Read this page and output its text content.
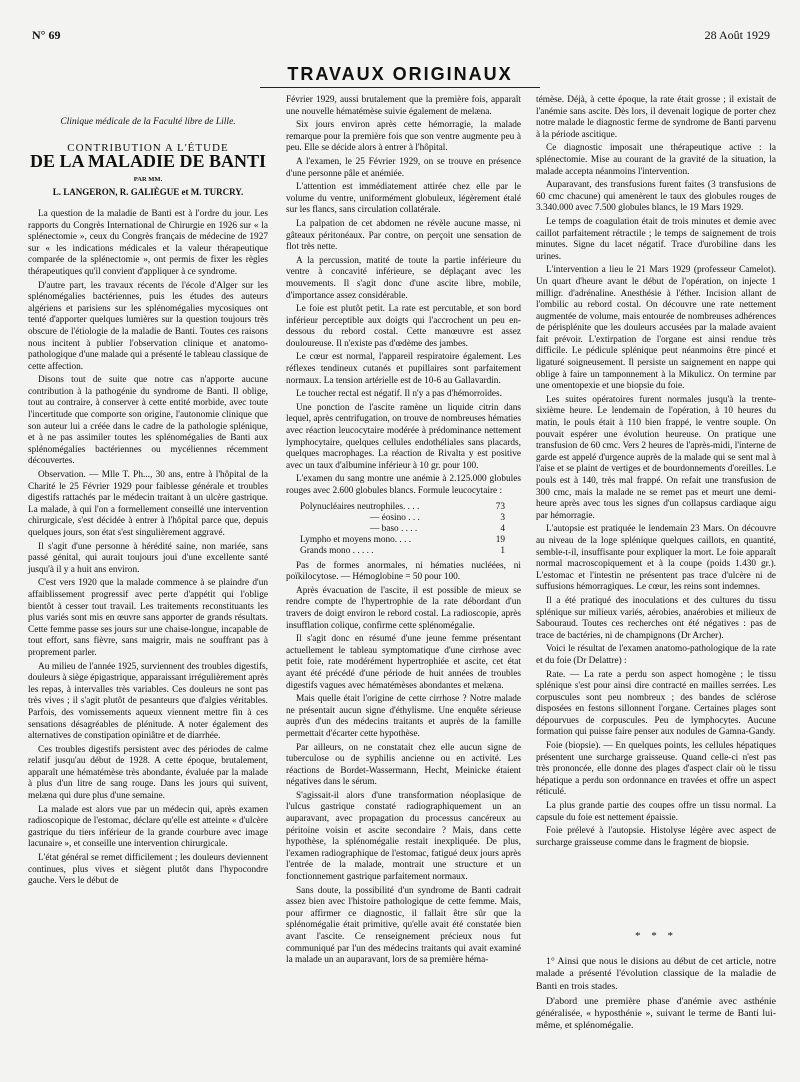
N° 69	28 Août 1929
TRAVAUX ORIGINAUX
Clinique médicale de la Faculté libre de Lille.
CONTRIBUTION A L'ÉTUDE
DE LA MALADIE DE BANTI
PAR MM.
L. LANGERON, R. GALIÈGUE et M. TURCRY.

La question de la maladie de Banti est à l'ordre du jour. Les rapports du Congrès International de Chirurgie en 1926 sur « la splénectomie », ceux du Congrès français de médecine de 1927 sur « les indications médicales et la valeur thérapeutique comparée de la splénectomie », ont permis de fixer les règles thérapeutiques qu'il convient d'appliquer à ce syndrome.

D'autre part, les travaux récents de l'école d'Alger sur les splénomégalies bactériennes, puis les études des auteurs algériens et parisiens sur les splénomégalies mycosiques ont tenté d'apporter quelques lumières sur la question toujours très obscure de l'étiologie de la maladie de Banti. Toutes ces raisons nous incitent à publier l'observation clinique et anatomo-pathologique d'une malade qui a présenté le tableau classique de cette affection.

Disons tout de suite que notre cas n'apporte aucune contribution à la pathogénie du syndrome de Banti. Il oblige, tout au contraire, à conserver à cette entité morbide, avec toute l'incertitude que comporte son origine, l'autonomie clinique que son auteur lui a créée dans le cadre de la pathologie splénique, et à ne pas assimiler toutes les splénomégalies de Banti aux splénomégalies bactériennes ou mycéliennes récemment découvertes.

Observation. — Mlle T. Ph..., 30 ans, entre à l'hôpital de la Charité le 25 Février 1929 pour faiblesse générale et troubles digestifs rattachés par le médecin traitant à un ulcère gastrique. La malade, à qui l'on a formellement conseillé une intervention chirurgicale, s'est décidée à entrer à l'hôpital parce que, depuis quelques jours, son état s'est singulièrement aggravé.

Il s'agit d'une personne à hérédité saine, non mariée, sans passé génital, qui aurait toujours joui d'une excellente santé jusqu'à il y a huit ans environ.

C'est vers 1920 que la malade commence à se plaindre d'un affaiblissement progressif avec perte d'appétit qui l'oblige bientôt à cesser tout travail. Les traitements reconstituants les plus variés sont mis en œuvre sans apporter de grands résultats. Cette femme passe ses jours sur une chaise-longue, incapable de tout effort, sans fièvre, sans maigrir, mais ne souffrant pas à proprement parler.

Au milieu de l'année 1925, surviennent des troubles digestifs, douleurs à siège épigastrique, apparaissant irrégulièrement après les repas, à intervalles très variables. Ces douleurs ne sont pas très vives ; il s'agit plutôt de pesanteurs que d'algies véritables. Parfois, des vomissements aqueux viennent mettre fin à ces sensations désagréables de plénitude. A noter également des alternatives de constipation opiniâtre et de diarrhée.

Ces troubles digestifs persistent avec des périodes de calme relatif jusqu'au début de 1928. A cette époque, brutalement, apparaît une hématémèse très abondante, évaluée par la malade à plus d'un litre de sang rouge. Dans les jours qui suivent, melæna qui dure plus d'une semaine.

La malade est alors vue par un médecin qui, après examen radioscopique de l'estomac, déclare qu'elle est atteinte « d'ulcère gastrique du tiers inférieur de la grande courbure avec image lacunaire », et conseille une intervention chirurgicale.

L'état général se remet difficilement ; les douleurs deviennent continues, plus vives et siègent plutôt dans l'hypocondre gauche. Vers le début de

Février 1929, aussi brutalement que la première fois, apparaît une nouvelle hématémèse suivie également de melæna.

Six jours environ après cette hémorragie, la malade remarque pour la première fois que son ventre augmente peu à peu. Elle se décide alors à entrer à l'hôpital.

A l'examen, le 25 Février 1929, on se trouve en présence d'une personne pâle et anémiée.

L'attention est immédiatement attirée chez elle par le volume du ventre, uniformément globuleux, légèrement étalé sur les flancs, sans circulation collatérale.

La palpation de cet abdomen ne révèle aucune masse, ni gâteaux péritonéaux. Par contre, on perçoit une sensation de flot très nette.

A la percussion, matité de toute la partie inférieure du ventre à concavité inférieure, se déplaçant avec les mouvements. Il s'agit donc d'une ascite libre, mobile, d'importance assez considérable.

Le foie est plutôt petit. La rate est percutable, et son bord inférieur perceptible aux doigts qui l'accrochent un peu en-dessous du rebord costal. Cette manœuvre est assez douloureuse. Il n'existe pas d'œdème des jambes.

Le cœur est normal, l'appareil respiratoire également. Les réflexes tendineux cutanés et pupillaires sont parfaitement normaux. La tension artérielle est de 10-6 au Gallavardin.

Le toucher rectal est négatif. Il n'y a pas d'hémorroïdes.

Une ponction de l'ascite ramène un liquide citrin dans lequel, après centrifugation, on trouve de nombreuses hématies avec réaction leucocytaire modérée à prédominance nettement lymphocytaire, quelques cellules endothéliales sans placards, quelques macrophages. La réaction de Rivalta y est positive avec un taux d'albumine inférieur à 10 gr. pour 100.

L'examen du sang montre une anémie à 2.125.000 globules rouges avec 2.600 globules blancs. Formule leucocytaire :

Polynucléaires neutrophiles. . . .	73
— éosino . . .	3
— baso . . . .	4
Lympho et moyens mono. . . .	19
Grands mono . . . . .	1

Pas de formes anormales, ni hématies nucléées, ni poïkilocytose. — Hémoglobine = 50 pour 100.

Après évacuation de l'ascite, il est possible de mieux se rendre compte de l'hypertrophie de la rate débordant d'un travers de doigt environ le rebord costal. La radioscopie, après insufflation colique, confirme cette splénomégalie.

Il s'agit donc en résumé d'une jeune femme présentant actuellement le tableau symptomatique d'une cirrhose avec petit foie, rate modérément hypertrophiée et ascite, cet état ayant été précédé d'une période de huit années de troubles digestifs vagues avec hématémèses abondantes et melæna.

Mais quelle était l'origine de cette cirrhose ? Notre malade ne présentait aucun signe d'éthylisme. Une enquête sérieuse auprès d'un des médecins traitants et auprès de la famille permettait d'écarter cette hypothèse.

Par ailleurs, on ne constatait chez elle aucun signe de tuberculose ou de syphilis ancienne ou en activité. Les réactions de Bordet-Wassermann, Hecht, Meinicke étaient négatives dans le sérum.

S'agissait-il alors d'une transformation néoplasique de l'ulcus gastrique constaté radiographiquement un an auparavant, avec propagation du processus cancéreux au péritoine voisin et ascite secondaire ? Mais, dans cette hypothèse, la splénomégalie restait inexpliquée. De plus, l'examen radiographique de l'estomac, fatigué deux jours après l'entrée de la malade, montrait une structure et un fonctionnement gastrique parfaitement normaux.

Sans doute, la possibilité d'un syndrome de Banti cadrait assez bien avec l'histoire pathologique de cette femme. Mais, pour affirmer ce diagnostic, il fallait être sûr que la splénomégalie était primitive, qu'elle avait été constatée bien avant l'ascite. Ce renseignement précieux nous fut communiqué par l'un des médecins traitants qui avait examiné la malade un an auparavant, lors de sa première héma-

témèse. Déjà, à cette époque, la rate était grosse ; il existait de l'anémie sans ascite. Dès lors, il devenait logique de porter chez notre malade le diagnostic ferme de syndrome de Banti parvenu à la période ascitique.

Ce diagnostic imposait une thérapeutique active : la splénectomie. Mise au courant de la gravité de la situation, la malade accepta néanmoins l'intervention.

Auparavant, des transfusions furent faites (3 transfusions de 60 cmc chacune) qui amenèrent le taux des globules rouges de 3.340.000 avec 7.500 globules blancs, le 19 Mars 1929.

Le temps de coagulation était de trois minutes et demie avec caillot parfaitement rétractile ; le temps de saignement de trois minutes. Signe du lacet négatif. Trace d'urobiline dans les urines.

L'intervention a lieu le 21 Mars 1929 (professeur Camelot). Un quart d'heure avant le début de l'opération, on injecte 1 milligr. d'adrénaline. Anesthésie à l'éther. Incision allant de l'ombilic au rebord costal. On découvre une rate nettement augmentée de volume, mais entourée de nombreuses adhérences de périsplénite que les douleurs accusées par la malade avaient fait prévoir. L'extirpation de l'organe est ainsi rendue très difficile. Le pédicule splénique peut néanmoins être pincé et ligaturé soigneusement. Il persiste un saignement en nappe qui oblige à faire un tamponnement à la Mikulicz. On termine par une omentopexie et une biopsie du foie.

Les suites opératoires furent normales jusqu'à la trente-sixième heure. Le lendemain de l'opération, à 10 heures du matin, le pouls était à 110 bien frappé, le ventre souple. On pouvait espérer une évolution heureuse. On pratique une transfusion de 60 cmc. Vers 2 heures de l'après-midi, l'interne de garde est appelé d'urgence auprès de la malade qui se sent mal à l'aise et se plaint de vertiges et de bourdonnements d'oreilles. Le pouls est à 140, très mal frappé. On refait une transfusion de 300 cmc, mais la malade ne se remet pas et meurt une demi-heure après avec tous les signes d'un collapsus cardiaque aigu par hémorragie.

L'autopsie est pratiquée le lendemain 23 Mars. On découvre au niveau de la loge splénique quelques caillots, en quantité, semble-t-il, insuffisante pour expliquer la mort. Le foie apparaît normal macroscopiquement et à la coupe (poids 1.430 gr.). L'estomac et l'intestin ne présentent pas trace d'ulcère ni de suffusions hémorragiques. Le cœur, les reins sont indemnes.

Il a été pratiqué des inoculations et des cultures du tissu splénique sur milieux variés, aérobies, anaérobies et milieux de Sabouraud. Toutes ces recherches ont été négatives : pas de trace de bactéries, ni de champignons (Dr Archer).

Voici le résultat de l'examen anatomo-pathologique de la rate et du foie (Dr Delattre) :

Rate. — La rate a perdu son aspect homogène ; le tissu splénique s'est pour ainsi dire contracté en mailles serrées. Les corpuscules sont peu nombreux ; des bandes de sclérose disposées en festons sillonnent l'organe. Certaines plages sont dépourvues de corpuscules. Peu de lymphocytes. Aucune formation qui puisse faire penser aux nodules de Gamna-Gandy.

Foie (biopsie). — En quelques points, les cellules hépatiques présentent une surcharge graisseuse. Quand celle-ci n'est pas très prononcée, elle donne des plages d'aspect clair où le tissu hépatique a perdu son ordonnance en travées et offre un aspect réticulé.

La plus grande partie des coupes offre un tissu normal. La capsule du foie est nettement épaissie.

Foie prélevé à l'autopsie. Histolyse légère avec aspect de surcharge graisseuse comme dans le fragment de biopsie.

* * *

1° Ainsi que nous le disions au début de cet article, notre malade a présenté l'évolution classique de la maladie de Banti en trois stades.

D'abord une première phase d'anémie avec asthénie généralisée, « hyposthénie », suivant le terme de Banti lui-même, et splénomégalie.
